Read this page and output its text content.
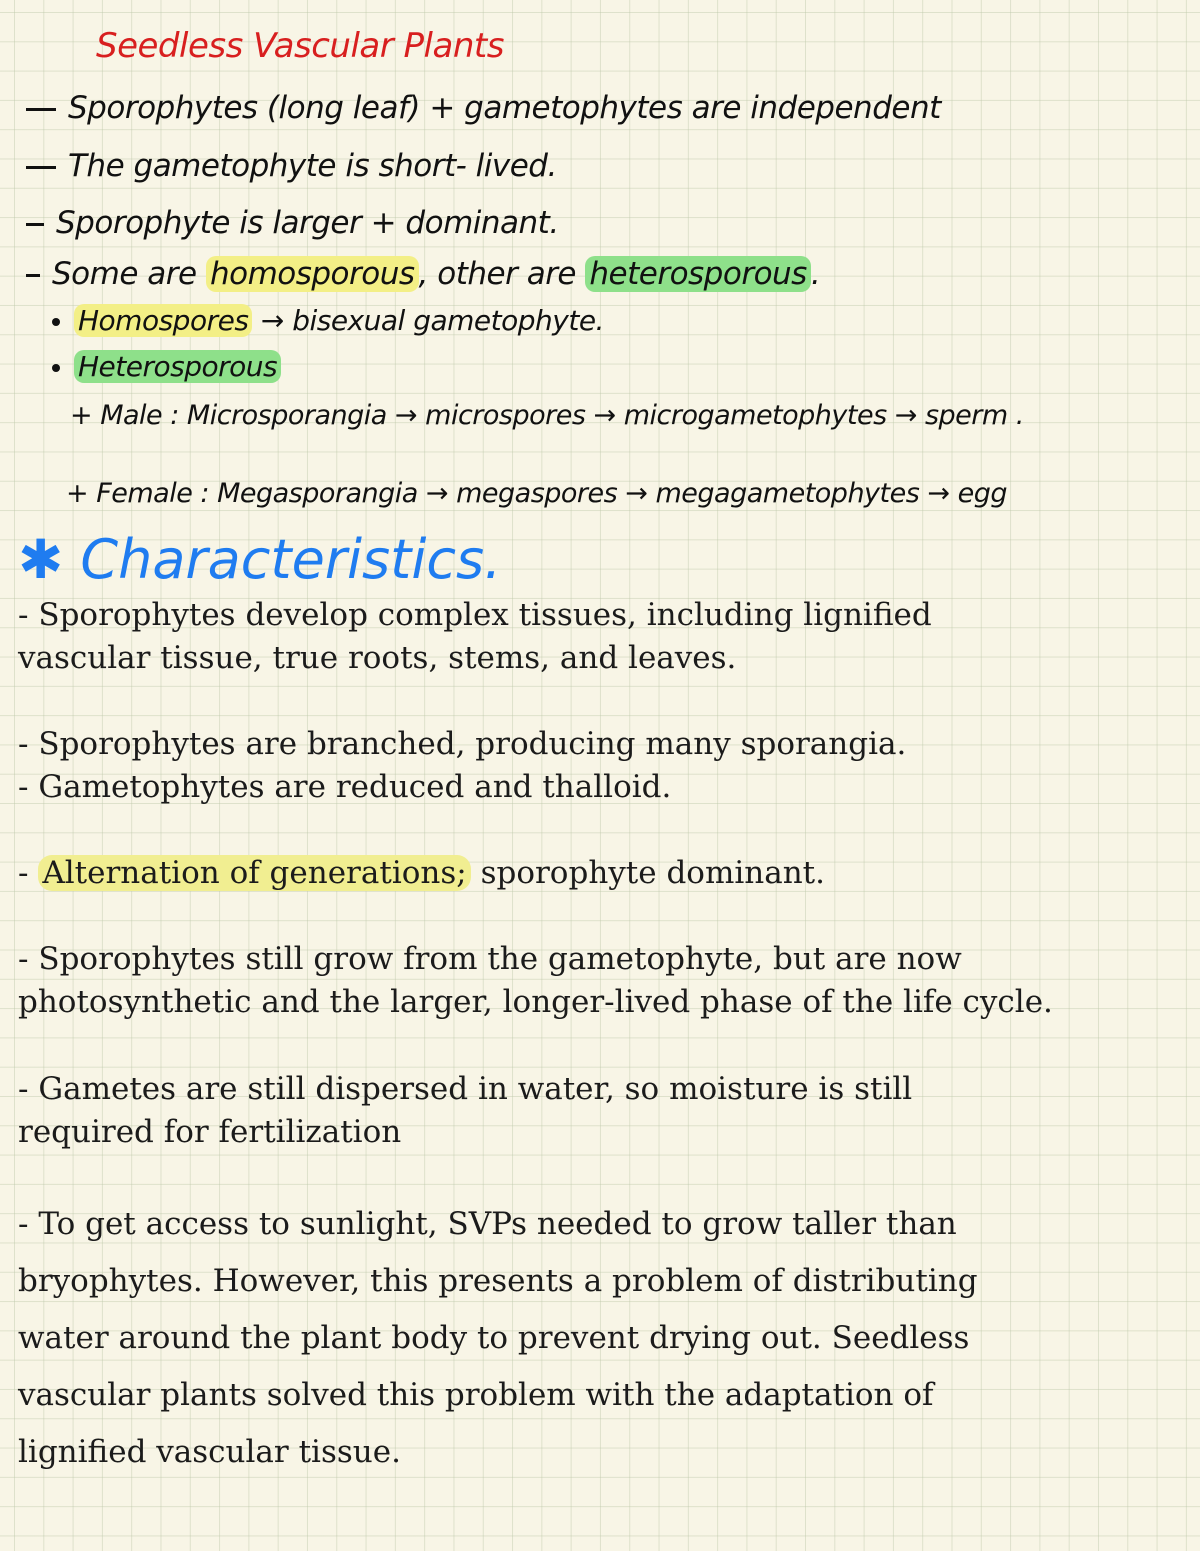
Seedless Vascular Plants
Sporophytes (long leaf) + gametophytes are independent
The gametophyte is short- lived.
Sporophyte is larger + dominant.
Some are homosporous , other are heterosporous .
Homospores → bisexual gametophyte.
Heterosporous
+ Male : Microsporangia → microspores → microgametophytes → sperm .
+ Female : Megasporangia → megaspores → megagametophytes → egg
✱ Characteristics.
- Sporophytes develop complex tissues, including lignified
vascular tissue, true roots, stems, and leaves.
- Sporophytes are branched, producing many sporangia.
- Gametophytes are reduced and thalloid.
- Alternation of generations; sporophyte dominant.
- Sporophytes still grow from the gametophyte, but are now
photosynthetic and the larger, longer-lived phase of the life cycle.
- Gametes are still dispersed in water, so moisture is still
required for fertilization
- To get access to sunlight, SVPs needed to grow taller than
bryophytes. However, this presents a problem of distributing
water around the plant body to prevent drying out. Seedless
vascular plants solved this problem with the adaptation of
lignified vascular tissue.
